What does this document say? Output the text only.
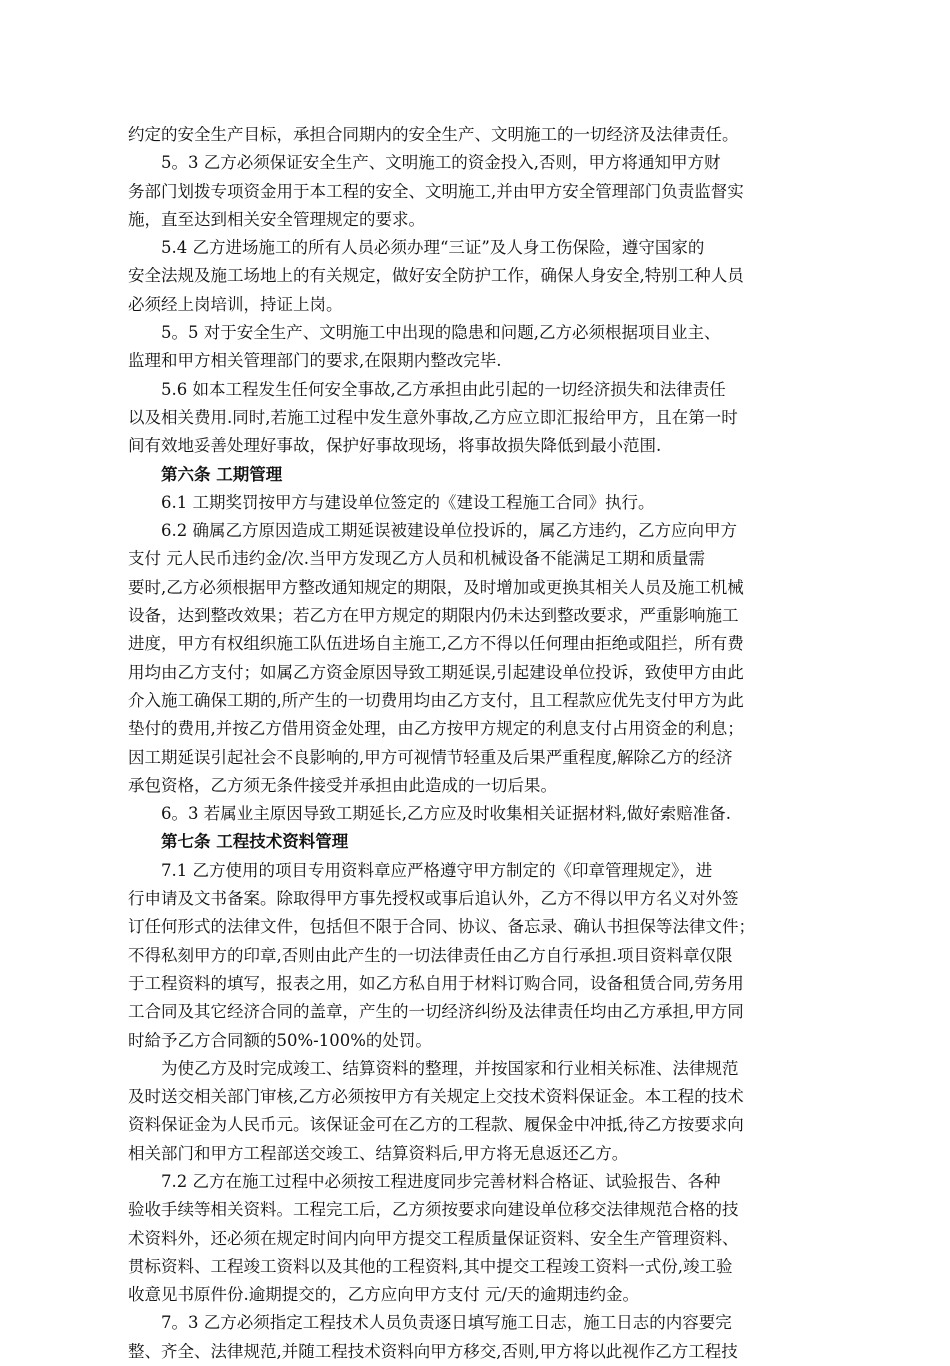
约定的安全生产目标，承担合同期内的安全生产、文明施工的一切经济及法律责任。
5。3 乙方必须保证安全生产、文明施工的资金投入,否则，甲方将通知甲方财
务部门划拨专项资金用于本工程的安全、文明施工,并由甲方安全管理部门负责监督实
施，直至达到相关安全管理规定的要求。
5.4 乙方进场施工的所有人员必须办理“三证”及人身工伤保险，遵守国家的
安全法规及施工场地上的有关规定，做好安全防护工作，确保人身安全,特别工种人员
必须经上岗培训，持证上岗。
5。5 对于安全生产、文明施工中出现的隐患和问题,乙方必须根据项目业主、
监理和甲方相关管理部门的要求,在限期内整改完毕.
5.6 如本工程发生任何安全事故,乙方承担由此引起的一切经济损失和法律责任
以及相关费用.同时,若施工过程中发生意外事故,乙方应立即汇报给甲方，且在第一时
间有效地妥善处理好事故，保护好事故现场，将事故损失降低到最小范围.
第六条 工期管理
6.1 工期奖罚按甲方与建设单位签定的《建设工程施工合同》执行。
6.2 确属乙方原因造成工期延误被建设单位投诉的，属乙方违约，乙方应向甲方
支付 元人民币违约金/次.当甲方发现乙方人员和机械设备不能满足工期和质量需
要时,乙方必须根据甲方整改通知规定的期限，及时增加或更换其相关人员及施工机械
设备，达到整改效果；若乙方在甲方规定的期限内仍未达到整改要求，严重影响施工
进度，甲方有权组织施工队伍进场自主施工,乙方不得以任何理由拒绝或阻拦，所有费
用均由乙方支付；如属乙方资金原因导致工期延误,引起建设单位投诉，致使甲方由此
介入施工确保工期的,所产生的一切费用均由乙方支付，且工程款应优先支付甲方为此
垫付的费用,并按乙方借用资金处理，由乙方按甲方规定的利息支付占用资金的利息；
因工期延误引起社会不良影响的,甲方可视情节轻重及后果严重程度,解除乙方的经济
承包资格，乙方须无条件接受并承担由此造成的一切后果。
6。3 若属业主原因导致工期延长,乙方应及时收集相关证据材料,做好索赔准备.
第七条 工程技术资料管理
7.1 乙方使用的项目专用资料章应严格遵守甲方制定的《印章管理规定》，进
行申请及文书备案。除取得甲方事先授权或事后追认外，乙方不得以甲方名义对外签
订任何形式的法律文件，包括但不限于合同、协议、备忘录、确认书担保等法律文件；
不得私刻甲方的印章,否则由此产生的一切法律责任由乙方自行承担.项目资料章仅限
于工程资料的填写，报表之用，如乙方私自用于材料订购合同，设备租赁合同,劳务用
工合同及其它经济合同的盖章，产生的一切经济纠纷及法律责任均由乙方承担,甲方同
时給予乙方合同额的50%-100%的处罚。
为使乙方及时完成竣工、结算资料的整理，并按国家和行业相关标准、法律规范
及时送交相关部门审核,乙方必须按甲方有关规定上交技术资料保证金。本工程的技术
资料保证金为人民币元。该保证金可在乙方的工程款、履保金中冲抵,待乙方按要求向
相关部门和甲方工程部送交竣工、结算资料后,甲方将无息返还乙方。
7.2 乙方在施工过程中必须按工程进度同步完善材料合格证、试验报告、各种
验收手续等相关资料。工程完工后，乙方须按要求向建设单位移交法律规范合格的技
术资料外，还必须在规定时间内向甲方提交工程质量保证资料、安全生产管理资料、
贯标资料、工程竣工资料以及其他的工程资料,其中提交工程竣工资料一式份,竣工验
收意见书原件份.逾期提交的，乙方应向甲方支付 元/天的逾期违约金。
7。3 乙方必须指定工程技术人员负责逐日填写施工日志，施工日志的内容要完
整、齐全、法律规范,并随工程技术资料向甲方移交,否则,甲方将以此视作乙方工程技
